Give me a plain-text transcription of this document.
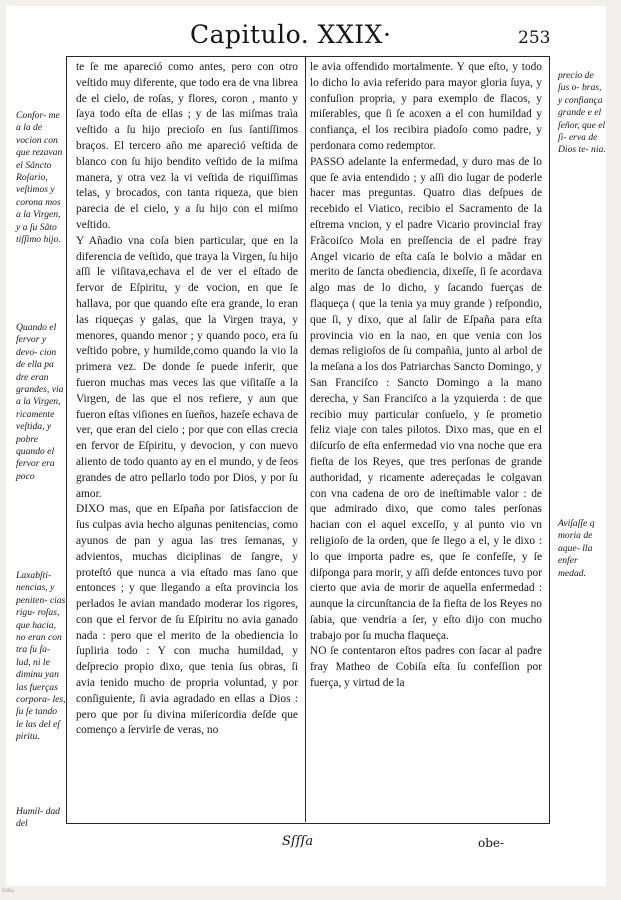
Capitulo. XXIX·	253

te ſe me apareció como antes, pero con otro veſtido muy diferente, que todo era de vna librea de el cielo, de roſas, y flores, coron , manto y ſaya todo eſta de ellas ; y de las miſmas traìa veſtido a ſu hijo precioſo en ſus ſantiſſimos braços. El tercero año me apareció veſtida de blanco con ſu hijo bendito veſtido de la miſma manera, y otra vez la vi veſtida de riquiſſimas telas, y brocados, con tanta riqueza, que bien parecia de el cielo, y a ſu hijo con el miſmo veſtido.

Y Añadio vna coſa bien particular, que en la diferencia de veſtido, que traya la Virgen, ſu hijo aſſi le viſitava,echava el de ver el eſtado de fervor de Eſpiritu, y de vocion, en que ſe hallava, por que quando eſte era grande, lo eran las riqueças y galas, que la Virgen traya, y menores, quando menor ; y quando poco, era ſu veſtido pobre, y humilde,como quando la vio la primera vez. De donde ſe puede inferir, que fueron muchas mas veces las que viſitaſſe a la Virgen, de las que el nos refiere, y aun que fueron eſtas viſiones en ſueños, hazeſe echava de ver, que eran del cielo ; por que con ellas crecia en fervor de Eſpiritu, y devocion, y con nuevo aliento de todo quanto ay en el mundo, y de ſeos grandes de atro pellarlo todo por Dios, y por ſu amor.

DIXO mas, que en Eſpaña por ſatisfaccion de ſus culpas avia hecho algunas penitencias, como ayunos de pan y agua las tres ſemanas, y advientos, muchas diciplinas de ſangre, y proteſtó que nunca a via eſtado mas ſano que entonces ; y que llegando a eſta provincia los perlados le avian mandado moderar los rigores, con que el fervor de ſu Eſpiritu no avia ganado nada : pero que el merito de la obediencia lo ſupliria todo : Y con mucha humildad, y deſprecio propio dixo, que tenia ſus obras, ſi avia tenido mucho de propria voluntad, y por conſiguiente, ſi avia agradado en ellas a Dios : pero que por ſu divina miſericordia deſde que començo a ſervirle de veras, no

le avia offendido mortalmente. Y que eſto, y todo lo dicho lo avia referido para mayor gloria ſuya, y confuſion propria, y para exemplo de flacos, y miſerables, que ſi ſe acoxen a el con humildad y confiança, el los recibira piadoſo como padre, y perdonara como redemptor.

PASSO adelante la enfermedad, y duro mas de lo que ſe avia entendido ; y aſſi dio lugar de poderle hacer mas preguntas. Quatro dias deſpues de recebido el Viatico, recibio el Sacramento de la eſtrema vncion, y el padre Vicario provincial fray Frãcoiſco Mola en preſſencia de el padre fray Angel vicario de eſta caſa le bolvio a mãdar en merito de ſancta obediencia, dixeſſe, ſi ſe acordava algo mas de lo dicho, y ſacando fuerças de flaqueça ( que la tenia ya muy grande ) reſpondio, que ſi, y dixo, que al ſalir de Eſpaña para eſta provincia vio en la nao, en que venia con los demas religioſos de ſu compañia, junto al arbol de la meſana a los dos Patriarchas Sancto Domingo, y San Franciſco : Sancto Domingo a la mano derecha, y San Franciſco a la yzquierda : de que recibio muy particular conſuelo, y ſe prometio feliz viaje con tales pilotos. Dixo mas, que en el diſcurſo de eſta enfermedad vio vna noche que era fieſta de los Reyes, que tres perſonas de grande authoridad, y ricamente adereçadas le colgavan con vna cadena de oro de ineſtimable valor : de que admirado dixo, que como tales perſonas hacian con el aquel exceſſo, y al punto vio vn religioſo de la orden, que ſe llego a el, y le dixo : lo que importa padre es, que ſe confeſſe, y ſe diſponga para morir, y aſſi deſde entonces tuvo por cierto que avia de morir de aquella enfermedad : aunque la circunſtancia de la fieſta de los Reyes no ſabia, que vendria a ſer, y eſto dijo con mucho trabajo por ſu mucha flaqueça.

NO ſe contentaron eſtos padres con ſacar al padre fray Matheo de Cobiſa eſta ſu confeſſion por fuerça, y virtud de la

Confor- me a la de vocion con que rezavan el Sãncto Roſario, veſtimos y corona mos a la Virgen, y a ſu Sãto tiſſimo hijo.
Quando el fervor y devo- cion de ella pa dre eran grandes, via a la Virgen, ricamente veſtida, y pobre quando el fervor era poco
Laxabſti- nencias, y peniten- cias rigu- roſas, que hacia, no eran con tra ſu ſa- lud, ni le diminu yan las fuerças corpora- les, ſu ſe tando le las del eſ piritu.
Humil- dad del
precio de ſus o- bras, y confiança grande e el ſeñor, que el ſi- erva de Dios te- nia.
Aviſaſſe q moria de aque- lla enfer medad.
Sſſſa	obe-
Sſſſa
